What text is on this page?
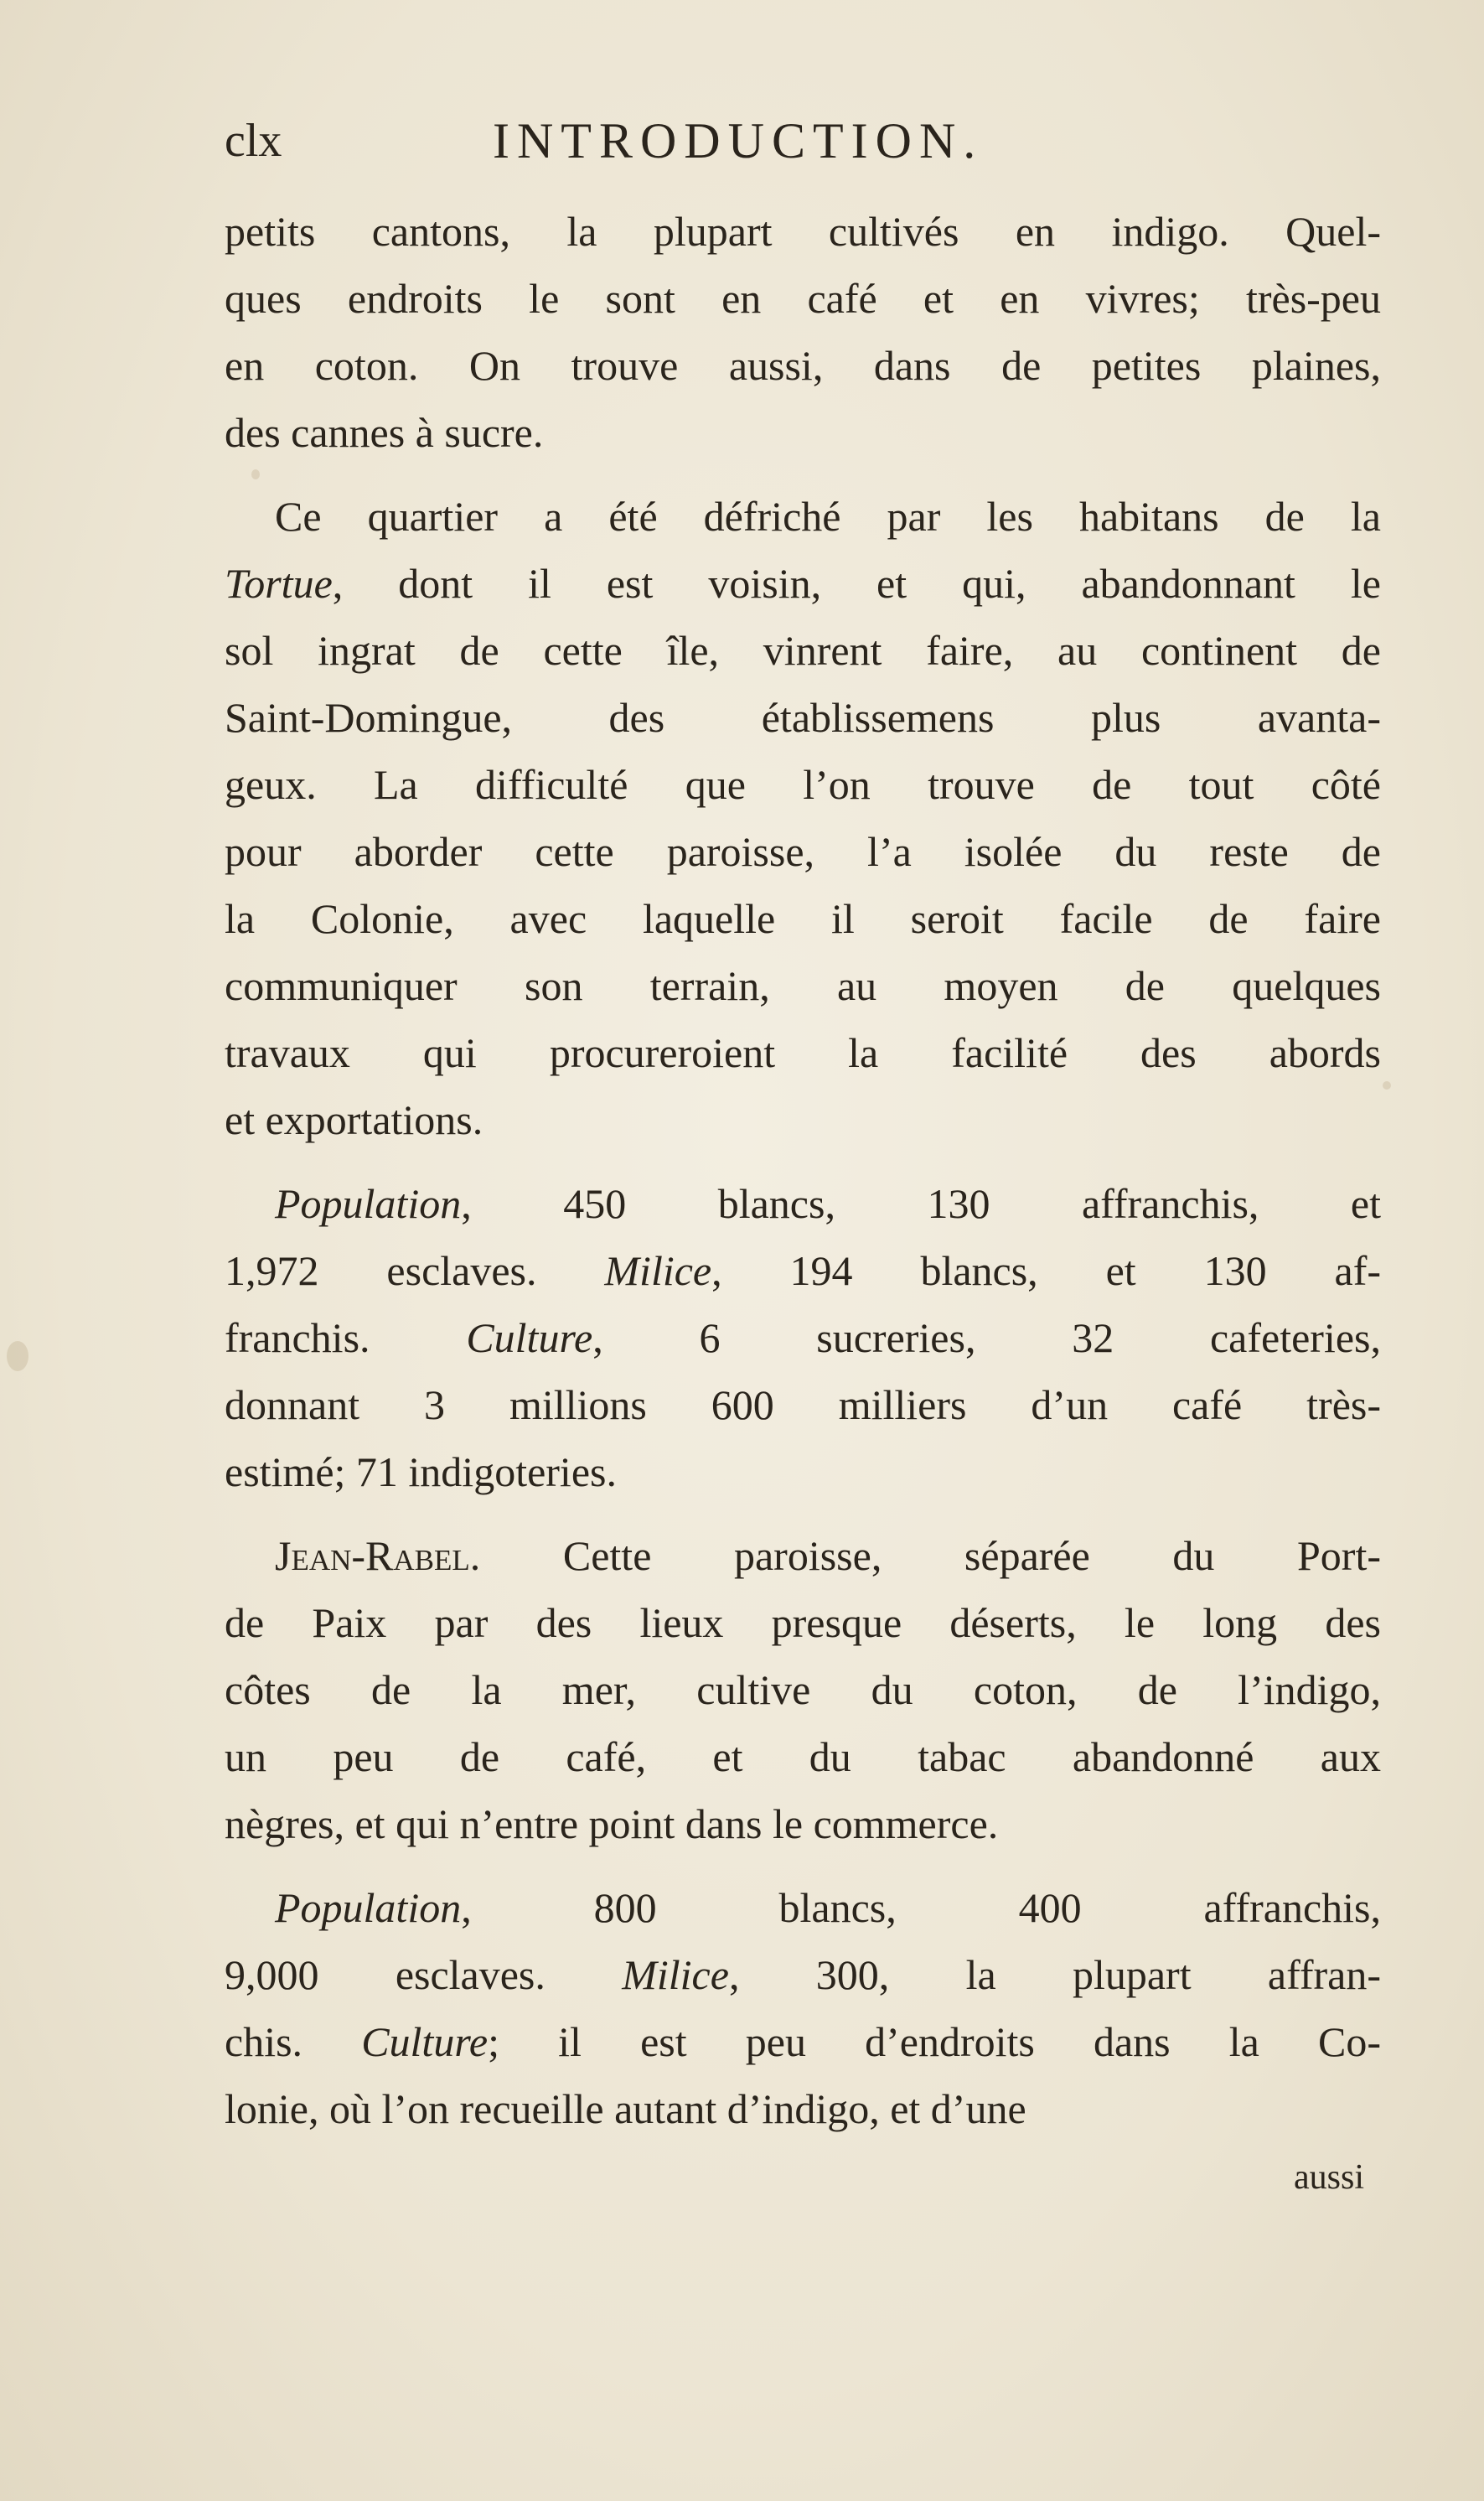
clx	INTRODUCTION.
petits cantons, la plupart cultivés en indigo. Quel-
ques endroits le sont en café et en vivres; très-peu
en coton. On trouve aussi, dans de petites plaines,
des cannes à sucre.
Ce quartier a été défriché par les habitans de la
Tortue, dont il est voisin, et qui, abandonnant le
sol ingrat de cette île, vinrent faire, au continent de
Saint-Domingue, des établissemens plus avanta-
geux. La difficulté que l’on trouve de tout côté
pour aborder cette paroisse, l’a isolée du reste de
la Colonie, avec laquelle il seroit facile de faire
communiquer son terrain, au moyen de quelques
travaux qui procureroient la facilité des abords
et exportations.
Population, 450 blancs, 130 affranchis, et
1,972 esclaves. Milice, 194 blancs, et 130 af-
franchis. Culture, 6 sucreries, 32 cafeteries,
donnant 3 millions 600 milliers d’un café très-
estimé; 71 indigoteries.
Jean-Rabel. Cette paroisse, séparée du Port-
de Paix par des lieux presque déserts, le long des
côtes de la mer, cultive du coton, de l’indigo,
un peu de café, et du tabac abandonné aux
nègres, et qui n’entre point dans le commerce.
Population, 800 blancs, 400 affranchis,
9,000 esclaves. Milice, 300, la plupart affran-
chis. Culture; il est peu d’endroits dans la Co-
lonie, où l’on recueille autant d’indigo, et d’une
aussi
